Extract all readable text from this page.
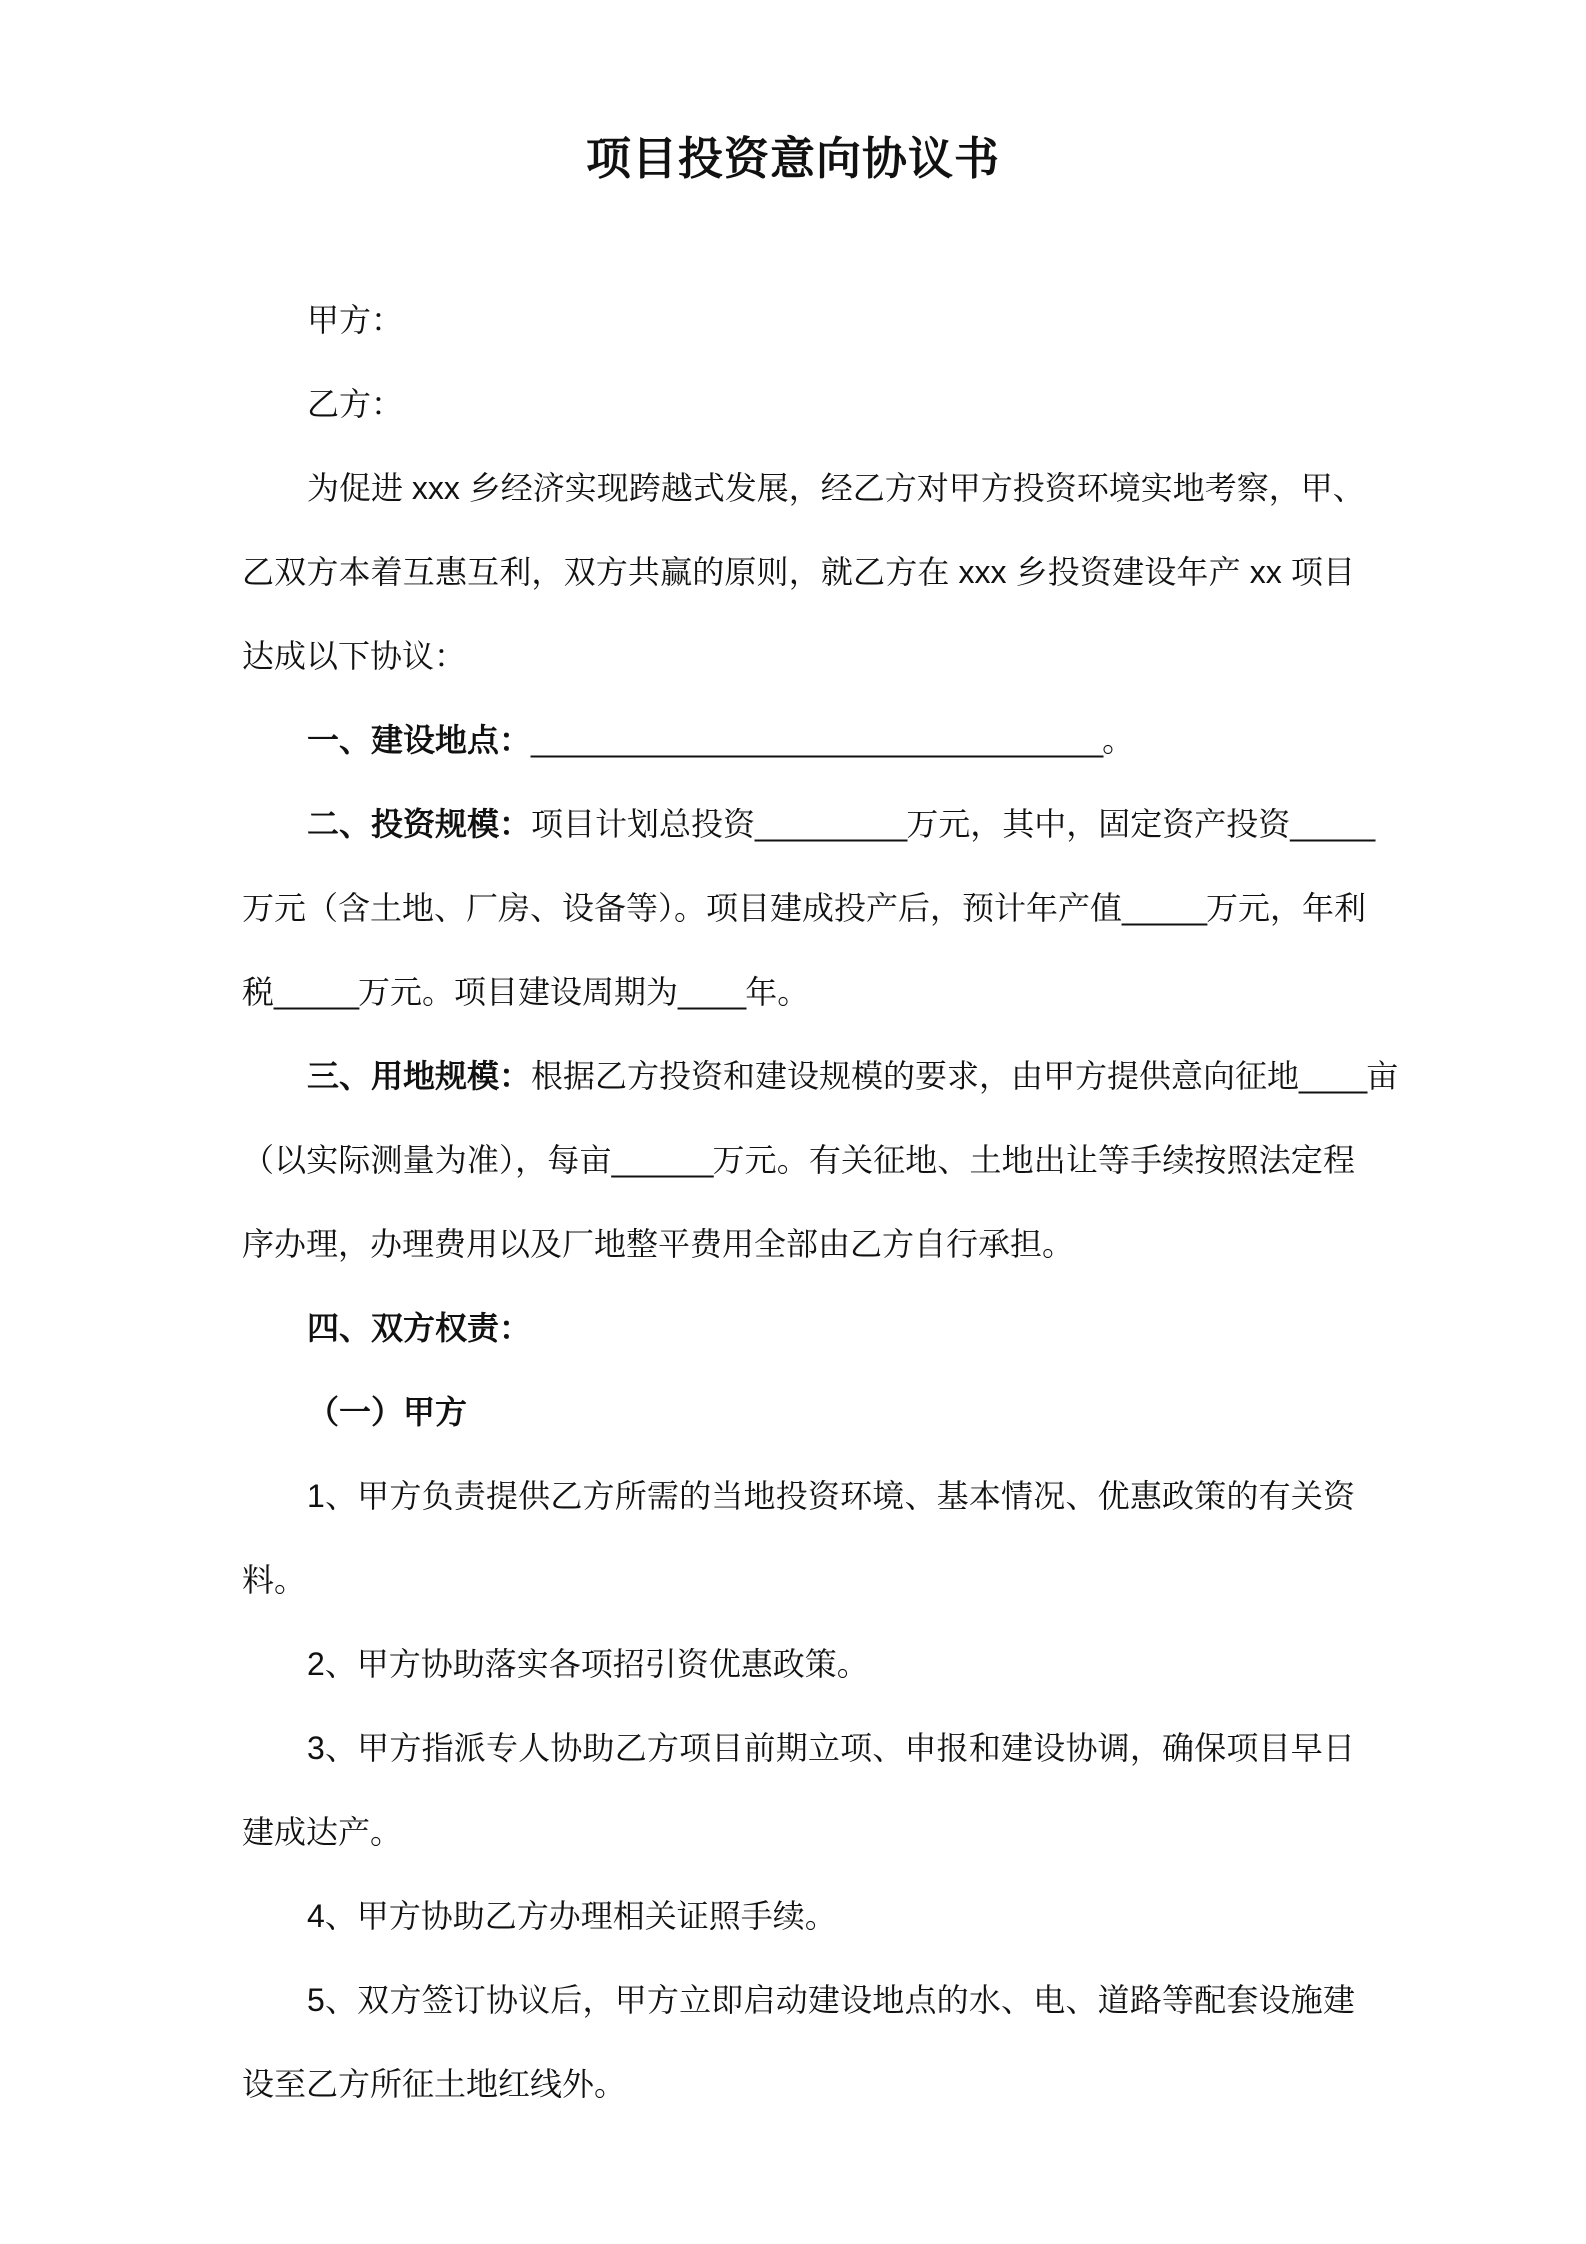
项目投资意向协议书
甲方：
乙方：
为促进 xxx 乡经济实现跨越式发展，经乙方对甲方投资环境实地考察，甲、
乙双方本着互惠互利，双方共赢的原则，就乙方在 xxx 乡投资建设年产 xx 项目
达成以下协议：
一、建设地点：__________________________________。
二、投资规模：项目计划总投资_________万元，其中，固定资产投资_____
万元（含土地、厂房、设备等）。项目建成投产后，预计年产值_____万元，年利
税_____万元。项目建设周期为____年。
三、用地规模：根据乙方投资和建设规模的要求，由甲方提供意向征地____亩
（以实际测量为准），每亩______万元。有关征地、土地出让等手续按照法定程
序办理，办理费用以及厂地整平费用全部由乙方自行承担。
四、双方权责：
（一）甲方
1、甲方负责提供乙方所需的当地投资环境、基本情况、优惠政策的有关资
料。
2、甲方协助落实各项招引资优惠政策。
3、甲方指派专人协助乙方项目前期立项、申报和建设协调，确保项目早日
建成达产。
4、甲方协助乙方办理相关证照手续。
5、双方签订协议后，甲方立即启动建设地点的水、电、道路等配套设施建
设至乙方所征土地红线外。
